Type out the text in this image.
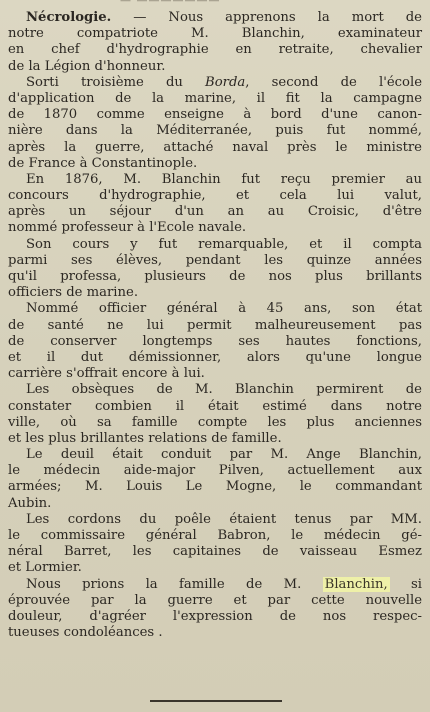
— ———————
Nécrologie. — Nous apprenons la mort de
notre compatriote M. Blanchin, examinateur
en chef d'hydrographie en retraite, chevalier
de la Légion d'honneur.
Sorti troisième du Borda, second de l'école
d'application de la marine, il fit la campagne
de 1870 comme enseigne à bord d'une canon-
nière dans la Méditerranée, puis fut nommé,
après la guerre, attaché naval près le ministre
de France à Constantinople.
En 1876, M. Blanchin fut reçu premier au
concours d'hydrographie, et cela lui valut,
après un séjour d'un an au Croisic, d'être
nommé professeur à l'Ecole navale.
Son cours y fut remarquable, et il compta
parmi ses élèves, pendant les quinze années
qu'il professa, plusieurs de nos plus brillants
officiers de marine.
Nommé officier général à 45 ans, son état
de santé ne lui permit malheureusement pas
de conserver longtemps ses hautes fonctions,
et il dut démissionner, alors qu'une longue
carrière s'offrait encore à lui.
Les obsèques de M. Blanchin permirent de
constater combien il était estimé dans notre
ville, où sa famille compte les plus anciennes
et les plus brillantes relations de famille.
Le deuil était conduit par M. Ange Blanchin,
le médecin aide-major Pilven, actuellement aux
armées; M. Louis Le Mogne, le commandant
Aubin.
Les cordons du poêle étaient tenus par MM.
le commissaire général Babron, le médecin gé-
néral Barret, les capitaines de vaisseau Esmez
et Lormier.
Nous prions la famille de M. Blanchin, si
éprouvée par la guerre et par cette nouvelle
douleur, d'agréer l'expression de nos respec-
tueuses condoléances .
